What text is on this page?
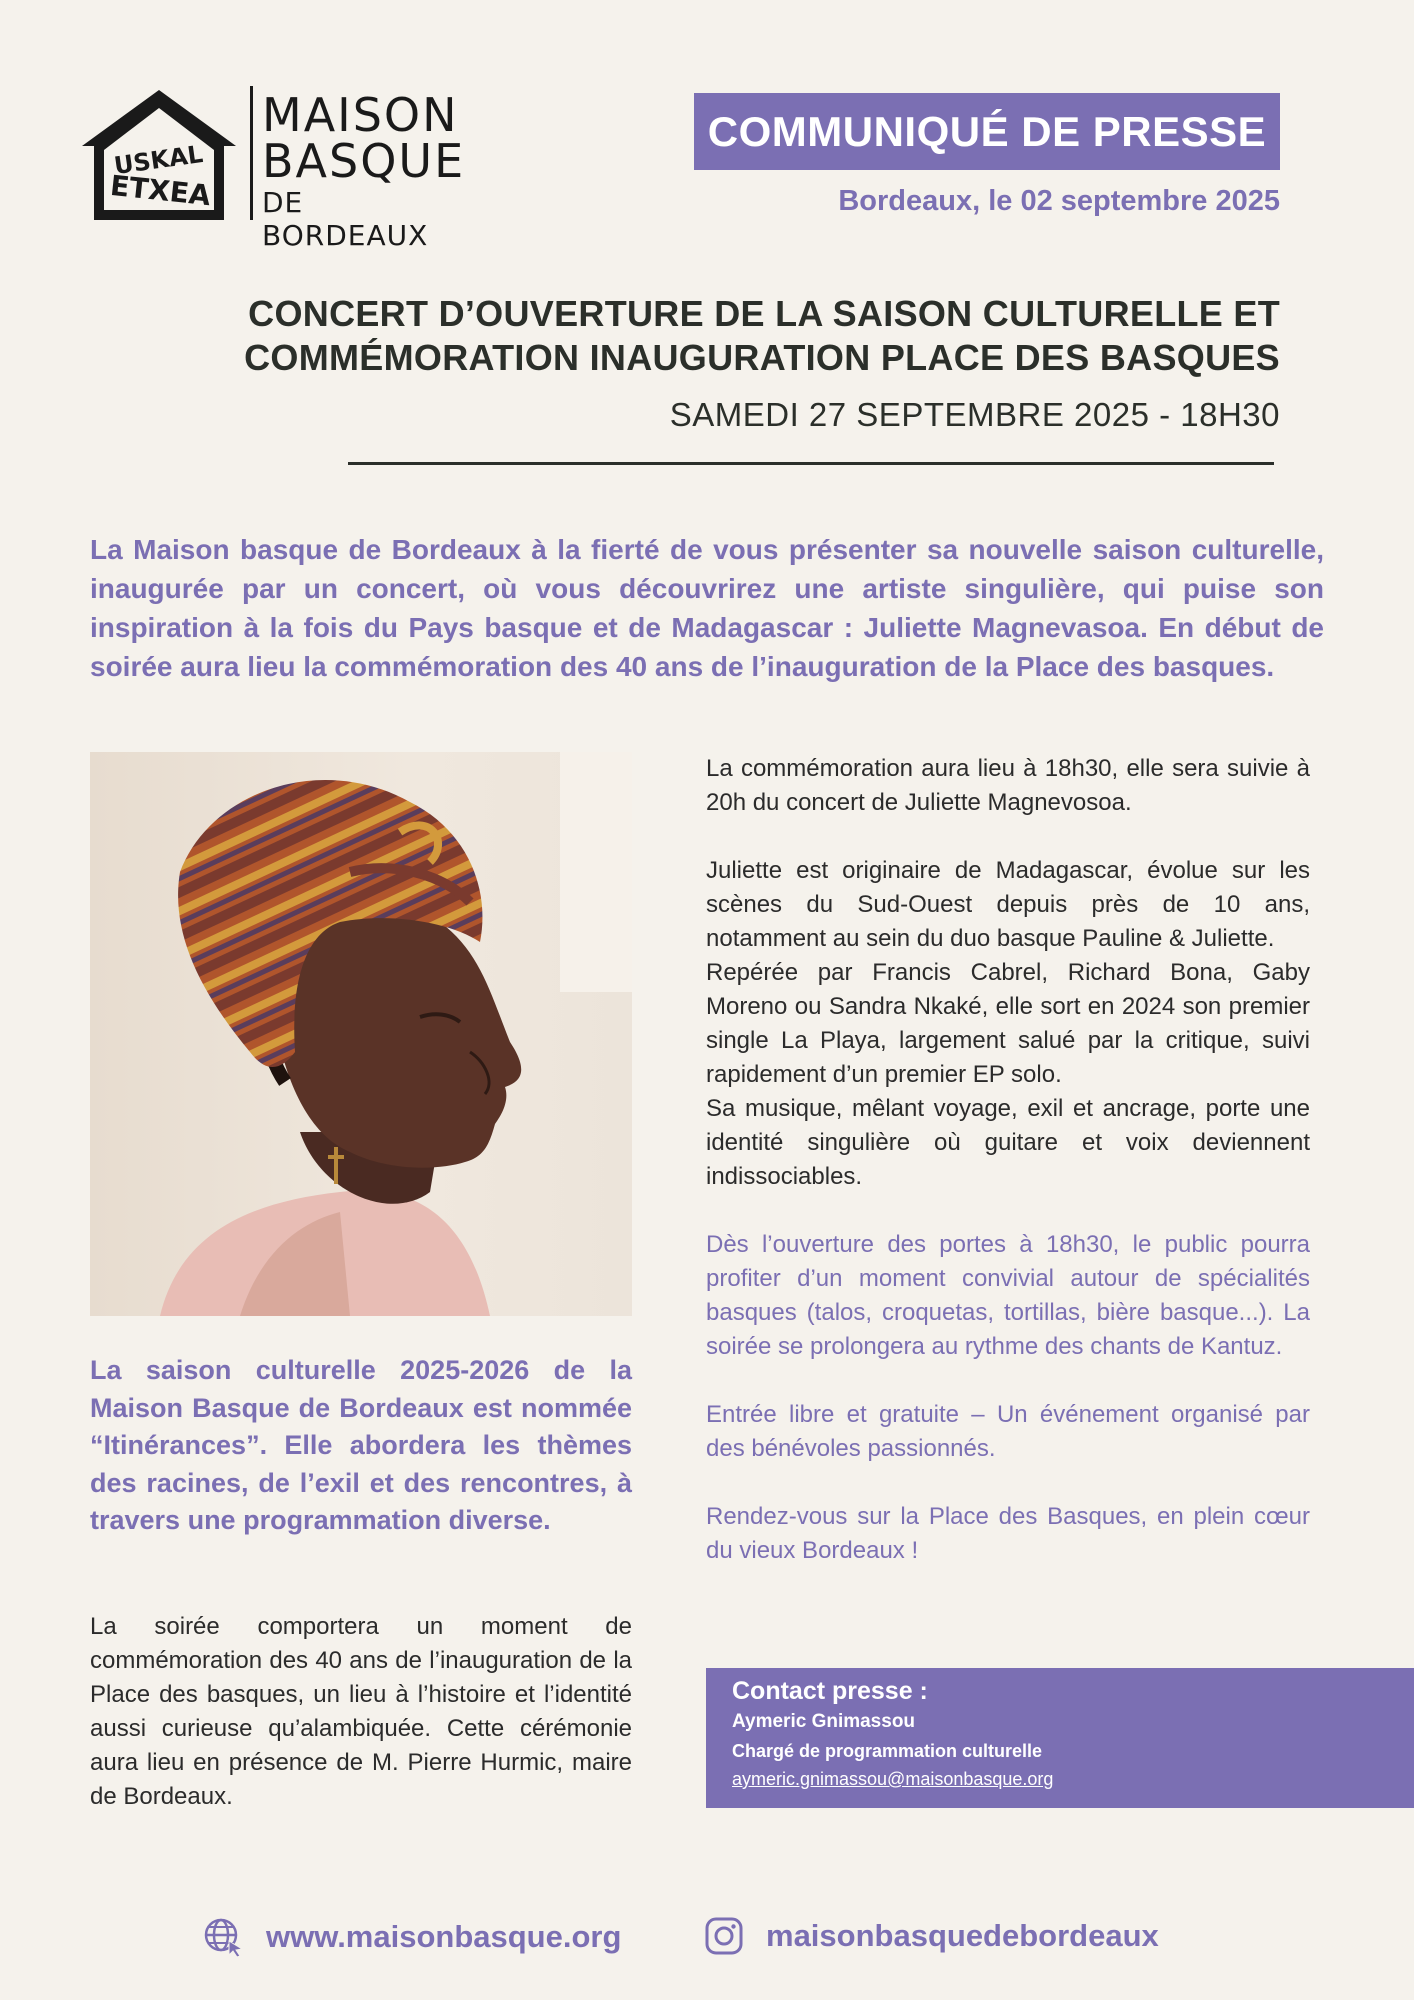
USKAL
ETXEA
MAISON
BASQUE
DE BORDEAUX
COMMUNIQUÉ DE PRESSE
Bordeaux, le 02 septembre 2025
CONCERT D’OUVERTURE DE LA SAISON CULTURELLE ET
COMMÉMORATION INAUGURATION PLACE DES BASQUES
SAMEDI 27 SEPTEMBRE 2025 - 18H30
La Maison basque de Bordeaux à la fierté de vous présenter sa nouvelle saison culturelle, inaugurée par un concert, où vous découvrirez une artiste singulière, qui puise son inspiration à la fois du Pays basque et de Madagascar : Juliette Magnevasoa. En début de soirée aura lieu la commémoration des 40 ans de l’inauguration de la Place des basques.
La saison culturelle 2025-2026 de la Maison Basque de Bordeaux est nommée “Itinérances”. Elle abordera les thèmes des racines, de l’exil et des rencontres, à travers une programmation diverse.
La soirée comportera un moment de commémoration des 40 ans de l’inauguration de la Place des basques, un lieu à l’histoire et l’identité aussi curieuse qu’alambiquée. Cette cérémonie aura lieu en présence de M. Pierre Hurmic, maire de Bordeaux.

La commémoration aura lieu à 18h30, elle sera suivie à 20h du concert de Juliette Magnevosoa.

Juliette est originaire de Madagascar, évolue sur les scènes du Sud-Ouest depuis près de 10 ans, notamment au sein du duo basque Pauline & Juliette.

Repérée par Francis Cabrel, Richard Bona, Gaby Moreno ou Sandra Nkaké, elle sort en 2024 son premier single La Playa, largement salué par la critique, suivi rapidement d’un premier EP solo.

Sa musique, mêlant voyage, exil et ancrage, porte une identité singulière où guitare et voix deviennent indissociables.

Dès l’ouverture des portes à 18h30, le public pourra profiter d’un moment convivial autour de spécialités basques (talos, croquetas, tortillas, bière basque...). La soirée se prolongera au rythme des chants de Kantuz.

Entrée libre et gratuite – Un événement organisé par des bénévoles passionnés.

Rendez-vous sur la Place des Basques, en plein cœur du vieux Bordeaux !

Contact presse :
Aymeric Gnimassou
Chargé de programmation culturelle
aymeric.gnimassou@maisonbasque.org
www.maisonbasque.org	maisonbasquedebordeaux
